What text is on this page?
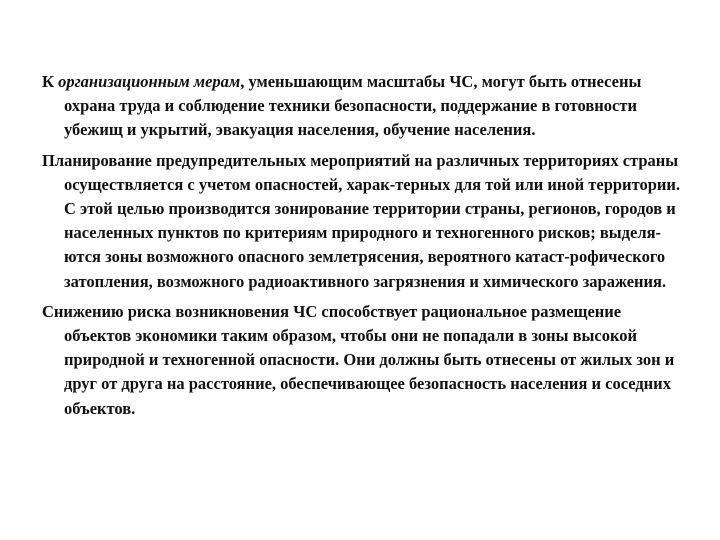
К организационным мерам, уменьшающим масштабы ЧС, могут быть отнесены охрана труда и соблюдение техники безопасности, поддержание в готовности убежищ и укрытий, эвакуация населения, обучение населения.

Планирование предупредительных мероприятий на различных территориях страны осуществляется с учетом опасностей, харак-терных для той или иной территории. С этой целью производится зонирование территории страны, регионов, городов и населенных пунктов по критериям природного и техногенного рисков; выделя-ются зоны возможного опасного землетрясения, вероятного катаст-рофического затопления, возможного радиоактивного загрязнения и химического заражения.

Снижению риска возникновения ЧС способствует рациональное размещение объектов экономики таким образом, чтобы они не попадали в зоны высокой природной и техногенной опасности. Они должны быть отнесены от жилых зон и друг от друга на расстояние, обеспечивающее безопасность населения и соседних объектов.
